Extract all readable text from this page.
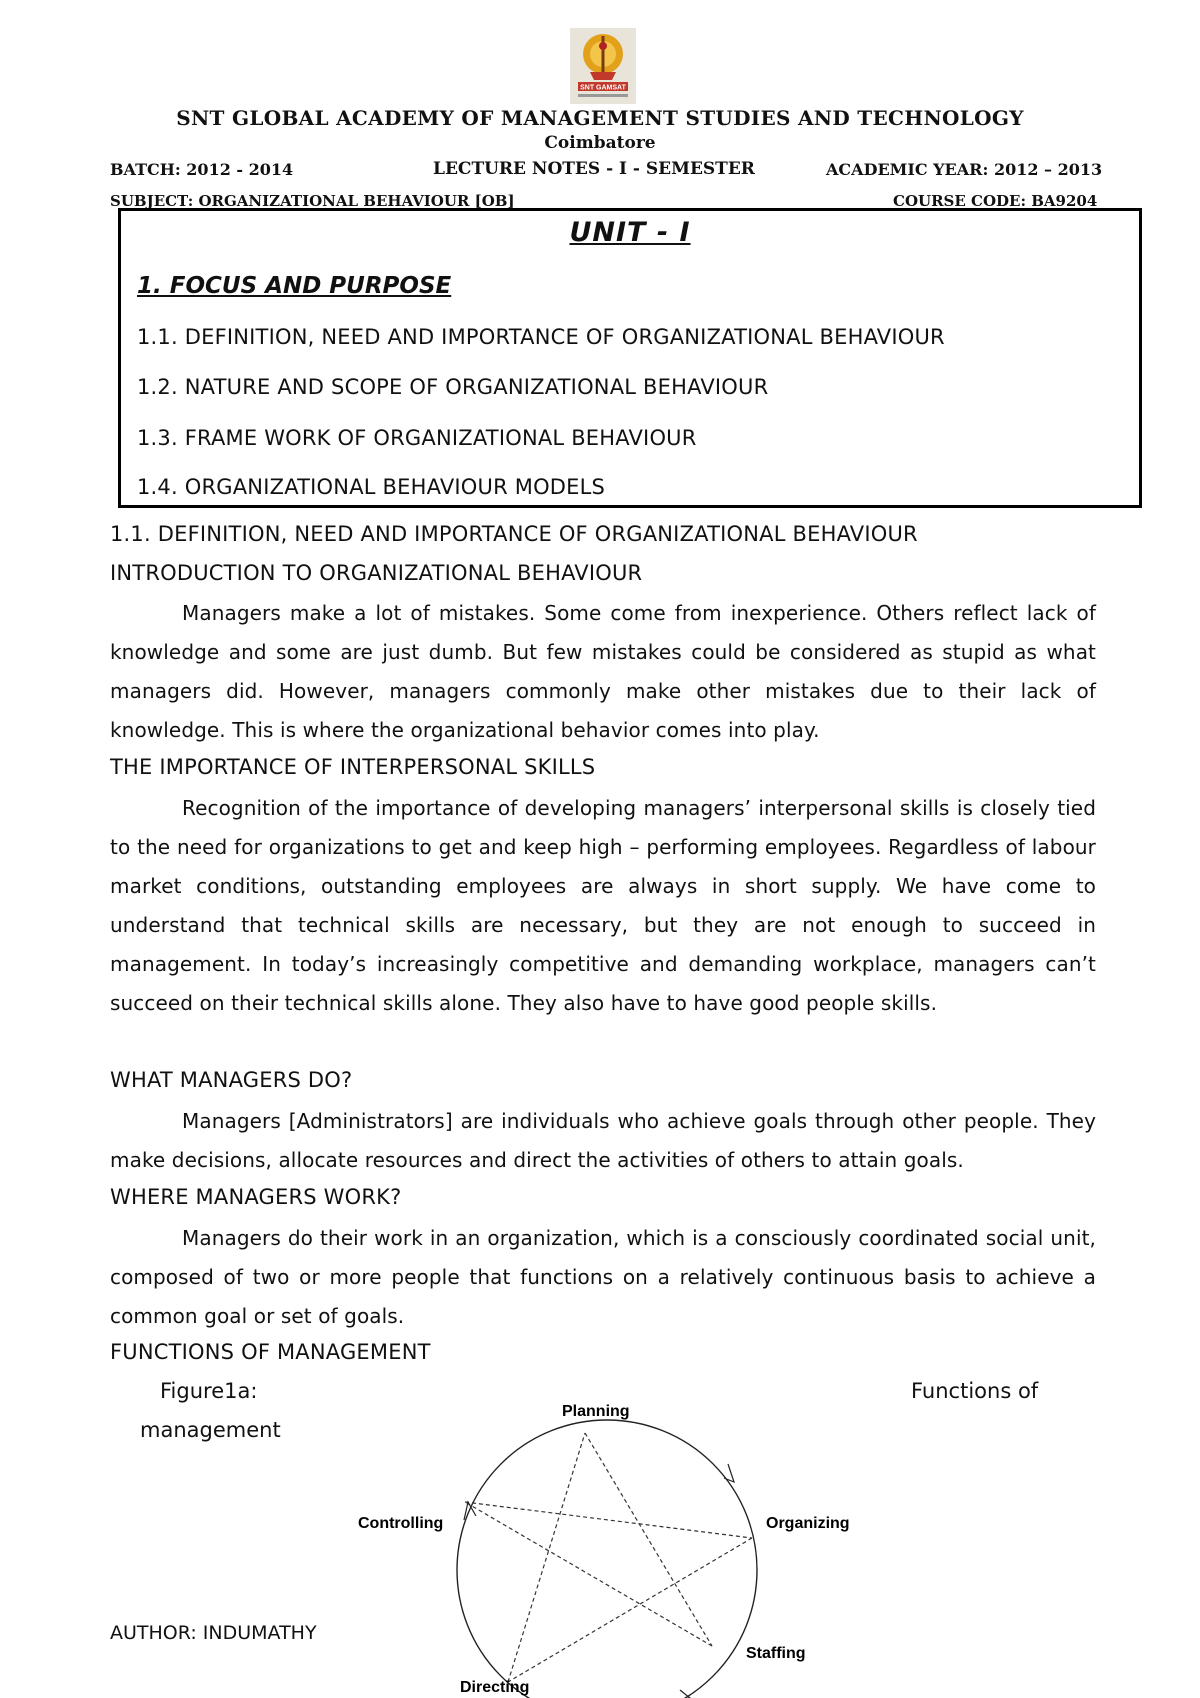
SNT GAMSAT
SNT GLOBAL ACADEMY OF MANAGEMENT STUDIES AND TECHNOLOGY
Coimbatore
BATCH: 2012 - 2014	LECTURE NOTES - I - SEMESTER	ACADEMIC YEAR: 2012 – 2013
SUBJECT: ORGANIZATIONAL BEHAVIOUR [OB]	COURSE CODE: BA9204
UNIT - I
1. FOCUS AND PURPOSE
1.1. DEFINITION, NEED AND IMPORTANCE OF ORGANIZATIONAL BEHAVIOUR
1.2. NATURE AND SCOPE OF ORGANIZATIONAL BEHAVIOUR
1.3. FRAME WORK OF ORGANIZATIONAL BEHAVIOUR
1.4. ORGANIZATIONAL BEHAVIOUR MODELS
1.1. DEFINITION, NEED AND IMPORTANCE OF ORGANIZATIONAL BEHAVIOUR
INTRODUCTION TO ORGANIZATIONAL BEHAVIOUR
Managers make a lot of mistakes. Some come from inexperience. Others reflect lack of knowledge and some are just dumb. But few mistakes could be considered as stupid as what managers did. However, managers commonly make other mistakes due to their lack of knowledge. This is where the organizational behavior comes into play.
THE IMPORTANCE OF INTERPERSONAL SKILLS
Recognition of the importance of developing managers’ interpersonal skills is closely tied to the need for organizations to get and keep high – performing employees. Regardless of labour market conditions, outstanding employees are always in short supply. We have come to understand that technical skills are necessary, but they are not enough to succeed in management. In today’s increasingly competitive and demanding workplace, managers can’t succeed on their technical skills alone. They also have to have good people skills.
WHAT MANAGERS DO?
Managers [Administrators] are individuals who achieve goals through other people. They make decisions, allocate resources and direct the activities of others to attain goals.
WHERE MANAGERS WORK?
Managers do their work in an organization, which is a consciously coordinated social unit, composed of two or more people that functions on a relatively continuous basis to achieve a common goal or set of goals.
FUNCTIONS OF MANAGEMENT
Figure1a:	Functions of
management
Planning
Organizing
Staffing
Directing
Controlling
AUTHOR: INDUMATHY
